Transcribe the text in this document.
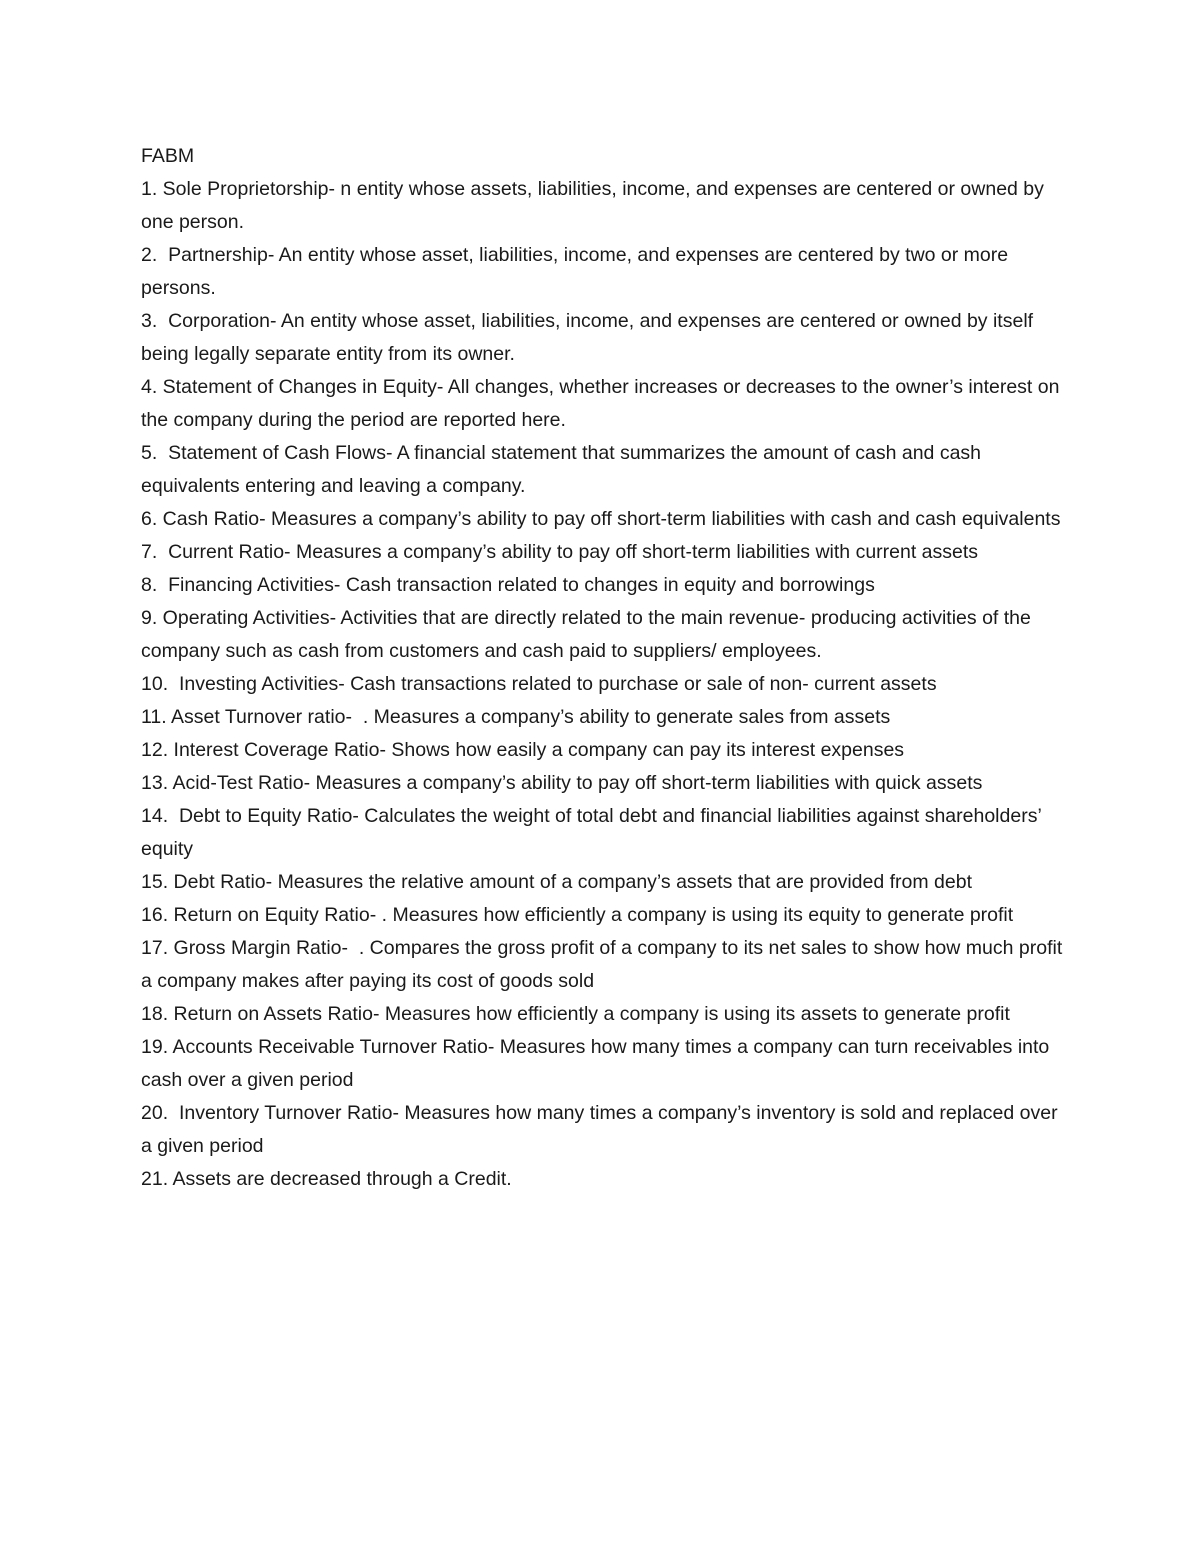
FABM

1. Sole Proprietorship- n entity whose assets, liabilities, income, and expenses are centered or owned by one person.

2.  Partnership- An entity whose asset, liabilities, income, and expenses are centered by two or more persons.

3.  Corporation- An entity whose asset, liabilities, income, and expenses are centered or owned by itself being legally separate entity from its owner.

4. Statement of Changes in Equity- All changes, whether increases or decreases to the owner’s interest on the company during the period are reported here.

5.  Statement of Cash Flows- A financial statement that summarizes the amount of cash and cash equivalents entering and leaving a company.

6. Cash Ratio- Measures a company’s ability to pay off short-term liabilities with cash and cash equivalents

7.  Current Ratio- Measures a company’s ability to pay off short-term liabilities with current assets

8.  Financing Activities- Cash transaction related to changes in equity and borrowings

9. Operating Activities- Activities that are directly related to the main revenue- producing activities of the company such as cash from customers and cash paid to suppliers/ employees.

10.  Investing Activities- Cash transactions related to purchase or sale of non- current assets

11. Asset Turnover ratio-  . Measures a company’s ability to generate sales from assets

12. Interest Coverage Ratio- Shows how easily a company can pay its interest expenses

13. Acid-Test Ratio- Measures a company’s ability to pay off short-term liabilities with quick assets

14.  Debt to Equity Ratio- Calculates the weight of total debt and financial liabilities against shareholders’ equity

15. Debt Ratio- Measures the relative amount of a company’s assets that are provided from debt

16. Return on Equity Ratio- . Measures how efficiently a company is using its equity to generate profit

17. Gross Margin Ratio-  . Compares the gross profit of a company to its net sales to show how much profit a company makes after paying its cost of goods sold

18. Return on Assets Ratio- Measures how efficiently a company is using its assets to generate profit

19. Accounts Receivable Turnover Ratio- Measures how many times a company can turn receivables into cash over a given period

20.  Inventory Turnover Ratio- Measures how many times a company’s inventory is sold and replaced over a given period

21. Assets are decreased through a Credit.
